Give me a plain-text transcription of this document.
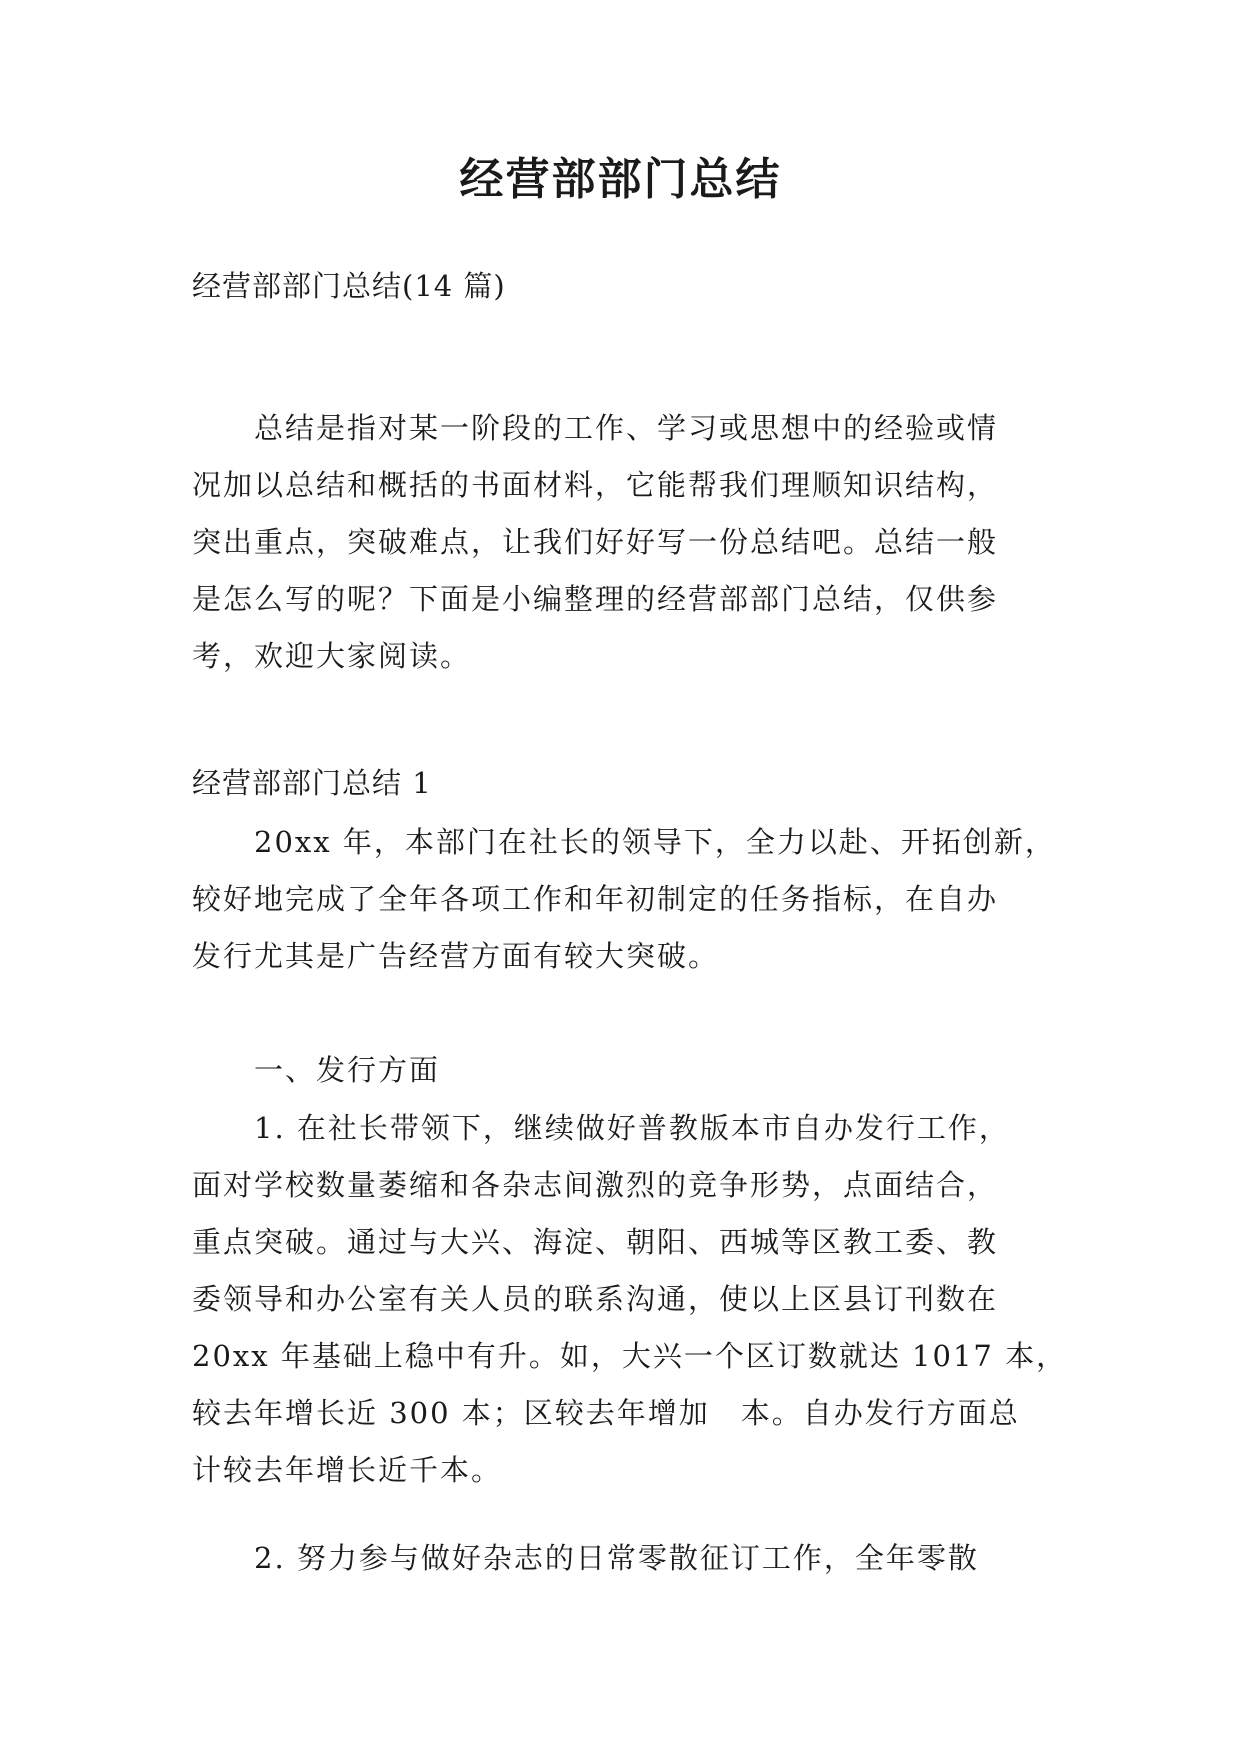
经营部部门总结

经营部部门总结(14 篇)

　　总结是指对某一阶段的工作、学习或思想中的经验或情
况加以总结和概括的书面材料，它能帮我们理顺知识结构，
突出重点，突破难点，让我们好好写一份总结吧。总结一般
是怎么写的呢？下面是小编整理的经营部部门总结，仅供参
考，欢迎大家阅读。

经营部部门总结 1

　　20xx 年，本部门在社长的领导下，全力以赴、开拓创新，
较好地完成了全年各项工作和年初制定的任务指标，在自办
发行尤其是广告经营方面有较大突破。

　　一、发行方面

　　1. 在社长带领下，继续做好普教版本市自办发行工作，
面对学校数量萎缩和各杂志间激烈的竞争形势，点面结合，
重点突破。通过与大兴、海淀、朝阳、西城等区教工委、教
委领导和办公室有关人员的联系沟通，使以上区县订刊数在
20xx 年基础上稳中有升。如，大兴一个区订数就达 1017 本，
较去年增长近 300 本；区较去年增加　本。自办发行方面总
计较去年增长近千本。

　　2. 努力参与做好杂志的日常零散征订工作，全年零散
